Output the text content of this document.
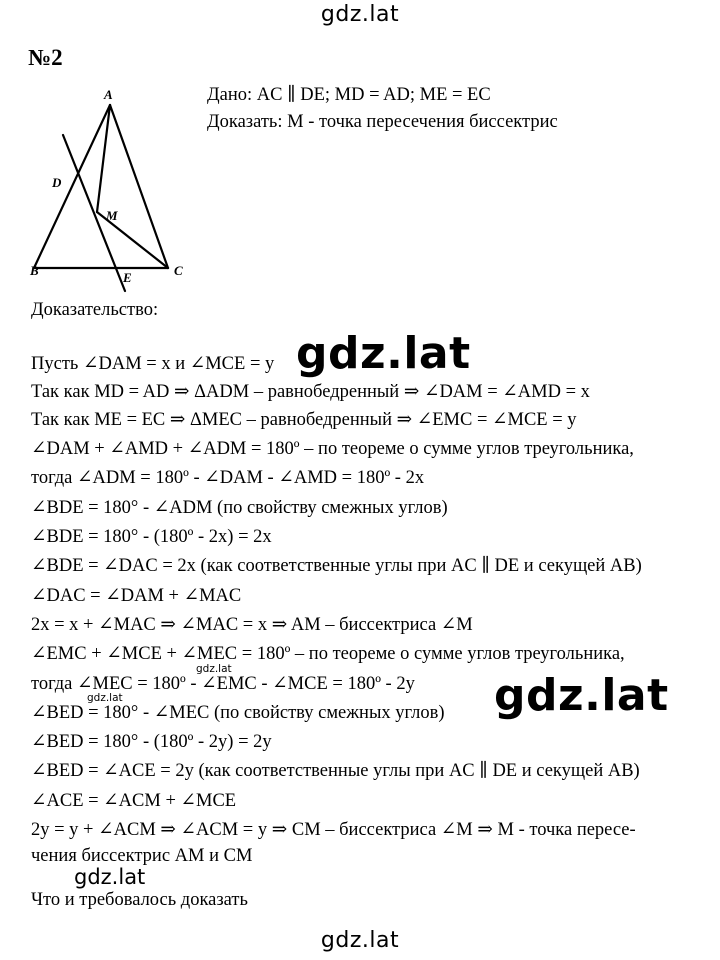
gdz.lat
№2
A
D
M
B	E	C
Дано: AC ∥ DE; MD = AD; ME = EC
Доказать: M - точка пересечения биссектрис
Доказательство:
Пусть ∠DAM = x и ∠MCE = y
Так как MD = AD ⇒ ΔADM – равнобедренный ⇒ ∠DAM = ∠AMD = x
Так как ME = EC ⇒ ΔMEC – равнобедренный ⇒ ∠EMC = ∠MCE = y
∠DAM + ∠AMD + ∠ADM = 180º – по теореме о сумме углов треугольника,
тогда ∠ADM = 180º - ∠DAM - ∠AMD = 180º - 2x
∠BDE = 180° - ∠ADM (по свойству смежных углов)
∠BDE = 180° - (180º - 2x) = 2x
∠BDE = ∠DAC = 2x (как соответственные углы при AC ∥ DE и секущей AB)
∠DAC = ∠DAM + ∠MAC
2x = x + ∠MAC ⇒ ∠MAC = x ⇒ AM – биссектриса ∠M
∠EMC + ∠MCE + ∠MEC = 180º – по теореме о сумме углов треугольника,
тогда ∠MEC = 180º - ∠EMC - ∠MCE = 180º - 2y
∠BED = 180° - ∠MEC (по свойству смежных углов)
∠BED = 180° - (180º - 2y) = 2y
∠BED = ∠ACE = 2y (как соответственные углы при AC ∥ DE и секущей AB)
∠ACE = ∠ACM + ∠MCE
2y = y + ∠ACM ⇒ ∠ACM = y ⇒ CM – биссектриса ∠M ⇒ M - точка пересе-
чения биссектрис AM и CM
Что и требовалось доказать
gdz.lat
gdz.lat
gdz.lat
gdz.lat
gdz.lat
gdz.lat
